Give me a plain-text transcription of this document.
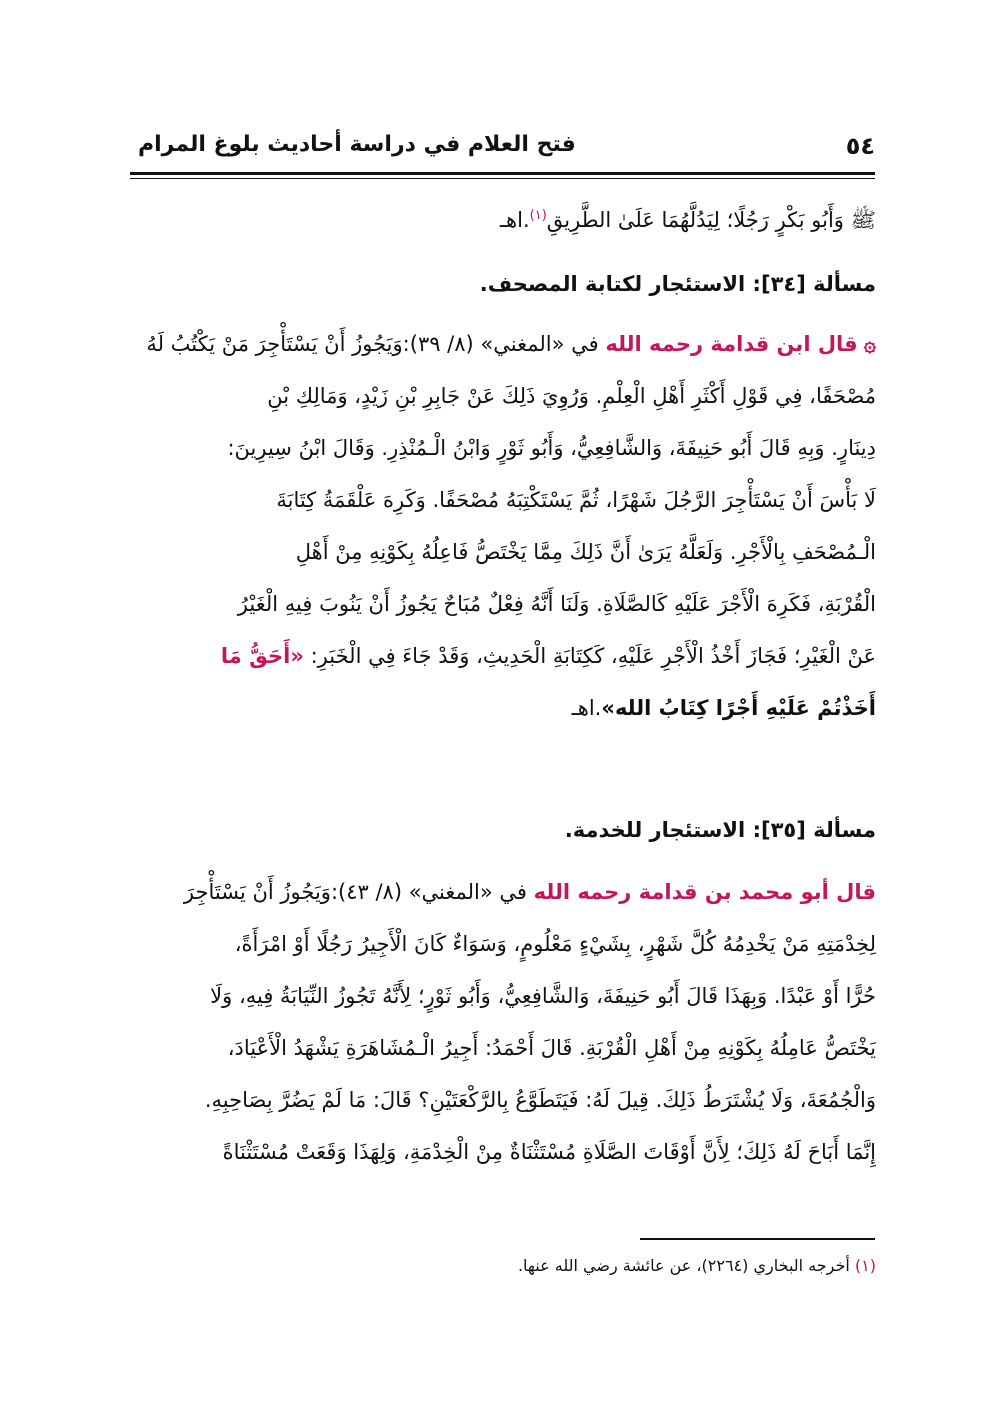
٥٤
فتح العلام في دراسة أحاديث بلوغ المرام
ﷺ وَأَبُو بَكْرٍ رَجُلًا؛ لِيَدُلَّهُمَا عَلَىٰ الطَّرِيقِ$^{(١)}$.اهـ
مسألة [٣٤]: الاستئجار لكتابة المصحف.
۞قال ابن قدامة رحمه الله في «المغني» (٨/ ٣٩):وَيَجُوزُ أَنْ يَسْتَأْجِرَ مَنْ يَكْتُبُ لَهُ
مُصْحَفًا، فِي قَوْلِ أَكْثَرِ أَهْلِ الْعِلْمِ. وَرُوِيَ ذَلِكَ عَنْ جَابِرِ بْنِ زَيْدٍ، وَمَالِكِ بْنِ
دِينَارٍ. وَبِهِ قَالَ أَبُو حَنِيفَةَ، وَالشَّافِعِيُّ، وَأَبُو ثَوْرٍ وَابْنُ الْـمُنْذِرِ. وَقَالَ ابْنُ سِيرِينَ:
لَا بَأْسَ أَنْ يَسْتَأْجِرَ الرَّجُلَ شَهْرًا، ثُمَّ يَسْتَكْتِبَهُ مُصْحَفًا. وَكَرِهَ عَلْقَمَةُ كِتَابَةَ
الْـمُصْحَفِ بِالْأَجْرِ. وَلَعَلَّهُ يَرَىٰ أَنَّ ذَلِكَ مِمَّا يَخْتَصُّ فَاعِلُهُ بِكَوْنِهِ مِنْ أَهْلِ
الْقُرْبَةِ، فَكَرِهَ الْأَجْرَ عَلَيْهِ كَالصَّلَاةِ. وَلَنَا أَنَّهُ فِعْلٌ مُبَاحٌ يَجُوزُ أَنْ يَنُوبَ فِيهِ الْغَيْرُ
عَنْ الْغَيْرِ؛ فَجَازَ أَخْذُ الْأَجْرِ عَلَيْهِ، كَكِتَابَةِ الْحَدِيثِ، وَقَدْ جَاءَ فِي الْخَبَرِ: «أَحَقُّ مَا
أَخَذْتُمْ عَلَيْهِ أَجْرًا كِتَابُ الله».اهـ
مسألة [٣٥]: الاستئجار للخدمة.
قال أبو محمد بن قدامة رحمه الله في «المغني» (٨/ ٤٣):وَيَجُوزُ أَنْ يَسْتَأْجِرَ
لِخِدْمَتِهِ مَنْ يَخْدِمُهُ كُلَّ شَهْرٍ، بِشَيْءٍ مَعْلُومٍ، وَسَوَاءٌ كَانَ الْأَجِيرُ رَجُلًا أَوْ امْرَأَةً،
حُرًّا أَوْ عَبْدًا. وَبِهَذَا قَالَ أَبُو حَنِيفَةَ، وَالشَّافِعِيُّ، وَأَبُو ثَوْرٍ؛ لِأَنَّهُ تَجُوزُ النِّيَابَةُ فِيهِ، وَلَا
يَخْتَصُّ عَامِلُهُ بِكَوْنِهِ مِنْ أَهْلِ الْقُرْبَةِ. قَالَ أَحْمَدُ: أَجِيرُ الْـمُشَاهَرَةِ يَشْهَدُ الْأَعْيَادَ،
وَالْجُمُعَةَ، وَلَا يُشْتَرَطُ ذَلِكَ. قِيلَ لَهُ: فَيَتَطَوَّعُ بِالرَّكْعَتَيْنِ؟ قَالَ: مَا لَمْ يَضُرَّ بِصَاحِبِهِ.
إِنَّمَا أَبَاحَ لَهُ ذَلِكَ؛ لِأَنَّ أَوْقَاتَ الصَّلَاةِ مُسْتَثْنَاةٌ مِنْ الْخِدْمَةِ، وَلِهَذَا وَقَعَتْ مُسْتَثْنَاةً
(١) أخرجه البخاري (٢٢٦٤)، عن عائشة رضي الله عنها.
